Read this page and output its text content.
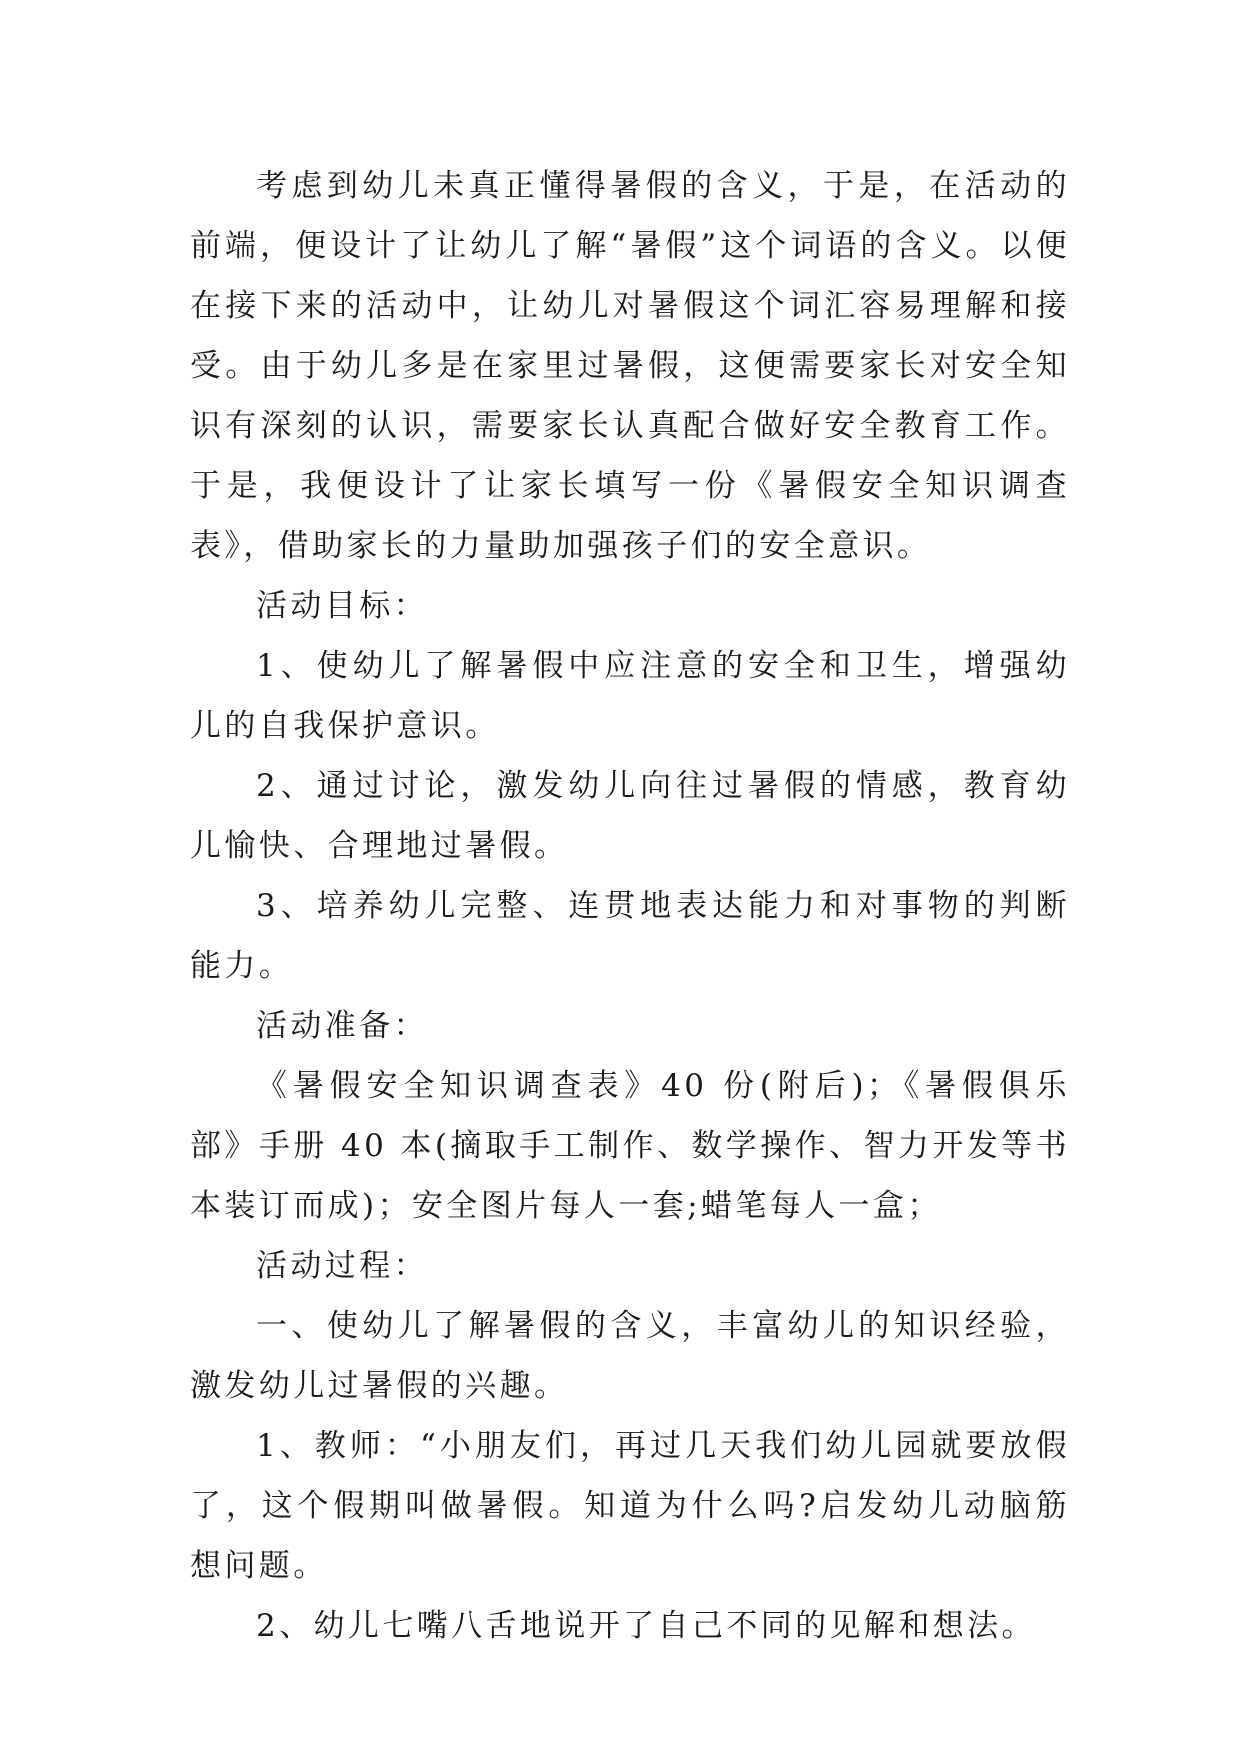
考虑到幼儿未真正懂得暑假的含义，于是，在活动的前端，便设计了让幼儿了解“暑假”这个词语的含义。以便在接下来的活动中，让幼儿对暑假这个词汇容易理解和接受。由于幼儿多是在家里过暑假，这便需要家长对安全知识有深刻的认识，需要家长认真配合做好安全教育工作。于是，我便设计了让家长填写一份《暑假安全知识调查表》，借助家长的力量助加强孩子们的安全意识。

活动目标：

1、使幼儿了解暑假中应注意的安全和卫生，增强幼儿的自我保护意识。

2、通过讨论，激发幼儿向往过暑假的情感，教育幼儿愉快、合理地过暑假。

3、培养幼儿完整、连贯地表达能力和对事物的判断能力。

活动准备：

《暑假安全知识调查表》40 份(附后)；《暑假俱乐部》手册 40 本(摘取手工制作、数学操作、智力开发等书本装订而成)；安全图片每人一套;蜡笔每人一盒；

活动过程：

一、使幼儿了解暑假的含义，丰富幼儿的知识经验，激发幼儿过暑假的兴趣。

1、教师：“小朋友们，再过几天我们幼儿园就要放假了，这个假期叫做暑假。知道为什么吗?启发幼儿动脑筋想问题。

2、幼儿七嘴八舌地说开了自己不同的见解和想法。
